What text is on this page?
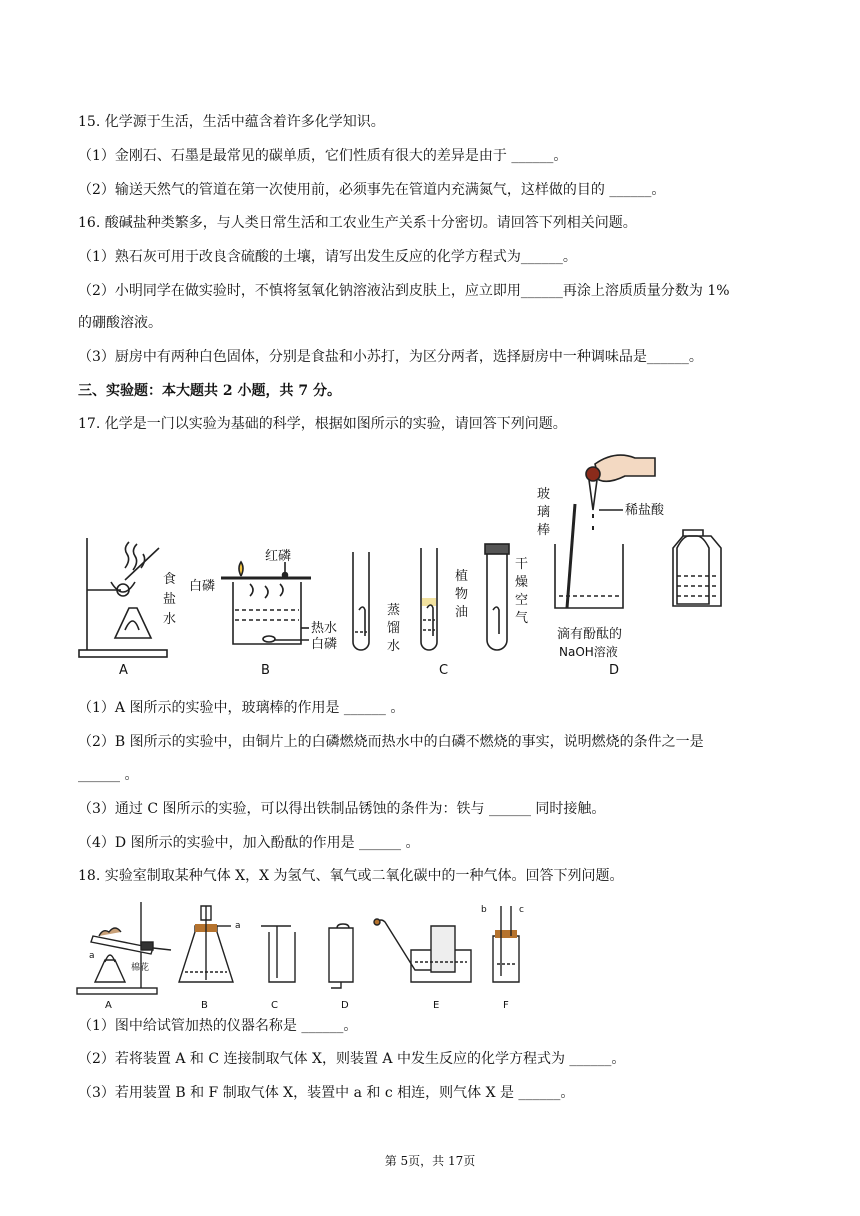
15. 化学源于生活，生活中蕴含着许多化学知识。
（1）金刚石、石墨是最常见的碳单质，它们性质有很大的差异是由于 ______。
（2）输送天然气的管道在第一次使用前，必须事先在管道内充满氮气，这样做的目的 ______。
16. 酸碱盐种类繁多，与人类日常生活和工农业生产关系十分密切。请回答下列相关问题。
（1）熟石灰可用于改良含硫酸的土壤，请写出发生反应的化学方程式为______。
（2）小明同学在做实验时，不慎将氢氧化钠溶液沾到皮肤上，应立即用______再涂上溶质质量分数为 1%
的硼酸溶液。
（3）厨房中有两种白色固体，分别是食盐和小苏打，为区分两者，选择厨房中一种调味品是______。
三、实验题：本大题共 2 小题，共 7 分。
17. 化学是一门以实验为基础的科学，根据如图所示的实验，请回答下列问题。
食
盐
水
A
白磷
红磷
热水
白磷
B
蒸
馏
水
植
物
油
干
燥
空
气
C
玻
璃
棒
稀盐酸
滴有酚酞的
NaOH溶液
D
（1）A 图所示的实验中，玻璃棒的作用是 ______ 。
（2）B 图所示的实验中，由铜片上的白磷燃烧而热水中的白磷不燃烧的事实，说明燃烧的条件之一是
______ 。
（3）通过 C 图所示的实验，可以得出铁制品锈蚀的条件为：铁与 ______ 同时接触。
（4）D 图所示的实验中，加入酚酞的作用是 ______ 。
18. 实验室制取某种气体 X，X 为氢气、氧气或二氧化碳中的一种气体。回答下列问题。
a
棉花
A
a
B	C	D	E
b	c
F
（1）图中给试管加热的仪器名称是 ______。
（2）若将装置 A 和 C 连接制取气体 X，则装置 A 中发生反应的化学方程式为 ______。
（3）若用装置 B 和 F 制取气体 X，装置中 a 和 c 相连，则气体 X 是 ______。
第 5页，共 17页
